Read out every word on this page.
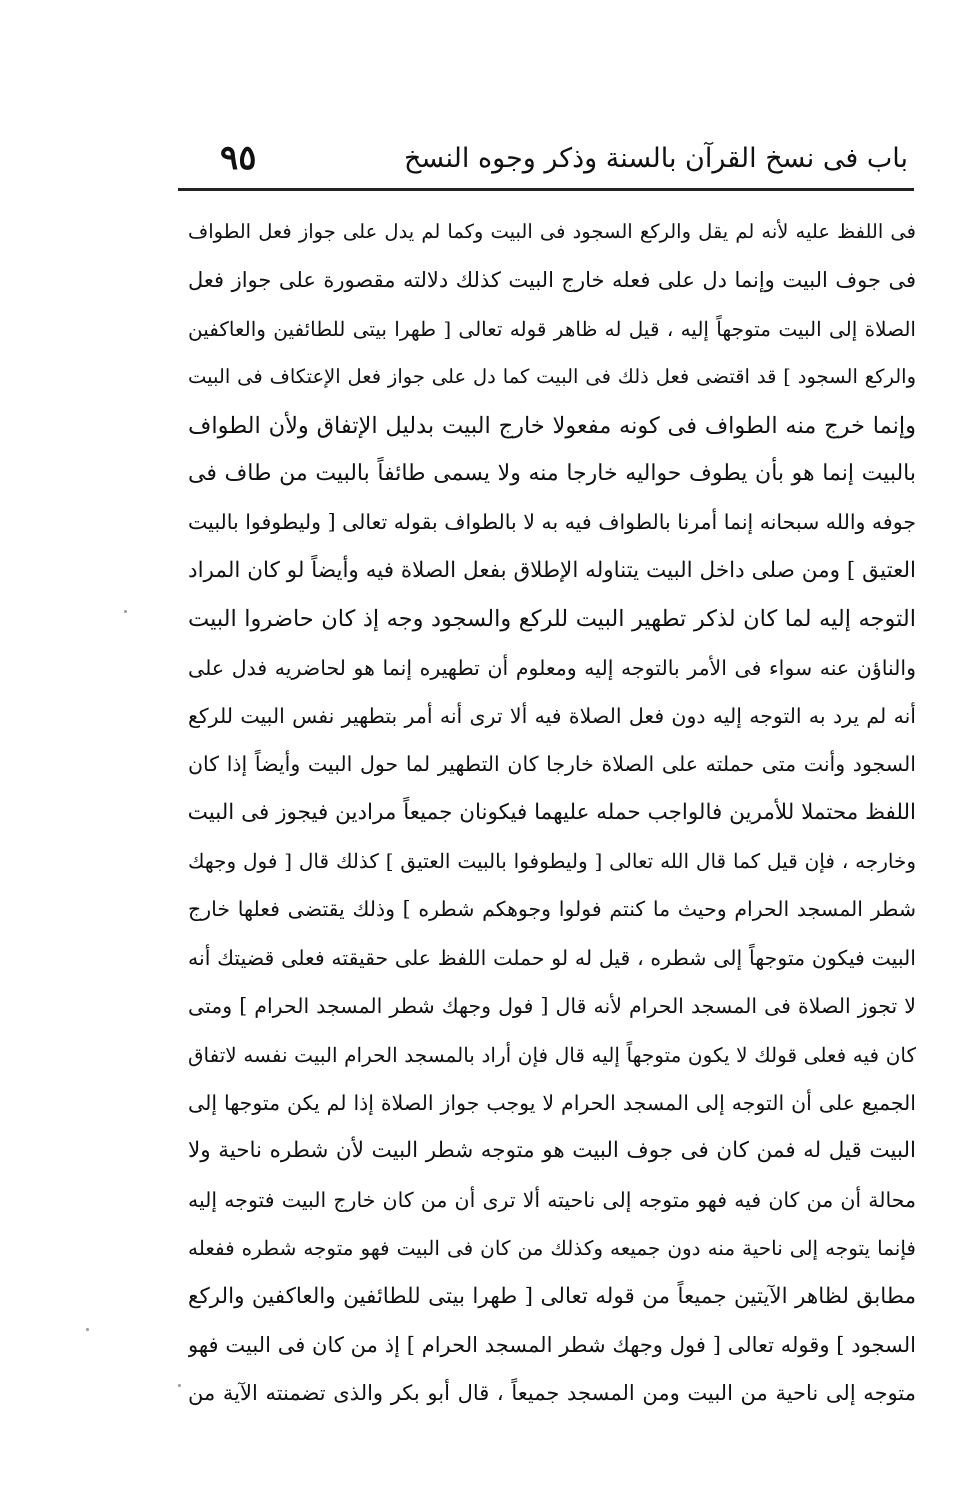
باب فى نسخ القرآن بالسنة وذكر وجوه النسخ
٩٥
فى اللفظ عليه لأنه لم يقل والركع السجود فى البيت وكما لم يدل على جواز فعل الطواف
فى جوف البيت وإنما دل على فعله خارج البيت كذلك دلالته مقصورة على جواز فعل
الصلاة إلى البيت متوجهاً إليه ، قيل له ظاهر قوله تعالى [ طهرا بيتى للطائفين والعاكفين
والركع السجود ] قد اقتضى فعل ذلك فى البيت كما دل على جواز فعل الإعتكاف فى البيت
وإنما خرج منه الطواف فى كونه مفعولا خارج البيت بدليل الإتفاق ولأن الطواف
بالبيت إنما هو بأن يطوف حواليه خارجا منه ولا يسمى طائفاً بالبيت من طاف فى
جوفه والله سبحانه إنما أمرنا بالطواف فيه به لا بالطواف بقوله تعالى [ وليطوفوا بالبيت
العتيق ] ومن صلى داخل البيت يتناوله الإطلاق بفعل الصلاة فيه وأيضاً لو كان المراد
التوجه إليه لما كان لذكر تطهير البيت للركع والسجود وجه إذ كان حاضروا البيت
والناؤن عنه سواء فى الأمر بالتوجه إليه ومعلوم أن تطهيره إنما هو لحاضريه فدل على
أنه لم يرد به التوجه إليه دون فعل الصلاة فيه ألا ترى أنه أمر بتطهير نفس البيت للركع
السجود وأنت متى حملته على الصلاة خارجا كان التطهير لما حول البيت وأيضاً إذا كان
اللفظ محتملا للأمرين فالواجب حمله عليهما فيكونان جميعاً مرادين فيجوز فى البيت
وخارجه ، فإن قيل كما قال الله تعالى [ وليطوفوا بالبيت العتيق ] كذلك قال [ فول وجهك
شطر المسجد الحرام وحيث ما كنتم فولوا وجوهكم شطره ] وذلك يقتضى فعلها خارج
البيت فيكون متوجهاً إلى شطره ، قيل له لو حملت اللفظ على حقيقته فعلى قضيتك أنه
لا تجوز الصلاة فى المسجد الحرام لأنه قال [ فول وجهك شطر المسجد الحرام ] ومتى
كان فيه فعلى قولك لا يكون متوجهاً إليه قال فإن أراد بالمسجد الحرام البيت نفسه لاتفاق
الجميع على أن التوجه إلى المسجد الحرام لا يوجب جواز الصلاة إذا لم يكن متوجها إلى
البيت قيل له فمن كان فى جوف البيت هو متوجه شطر البيت لأن شطره ناحية ولا
محالة أن من كان فيه فهو متوجه إلى ناحيته ألا ترى أن من كان خارج البيت فتوجه إليه
فإنما يتوجه إلى ناحية منه دون جميعه وكذلك من كان فى البيت فهو متوجه شطره ففعله
مطابق لظاهر الآيتين جميعاً من قوله تعالى [ طهرا بيتى للطائفين والعاكفين والركع
السجود ] وقوله تعالى [ فول وجهك شطر المسجد الحرام ] إذ من كان فى البيت فهو
متوجه إلى ناحية من البيت ومن المسجد جميعاً ، قال أبو بكر والذى تضمنته الآية من
